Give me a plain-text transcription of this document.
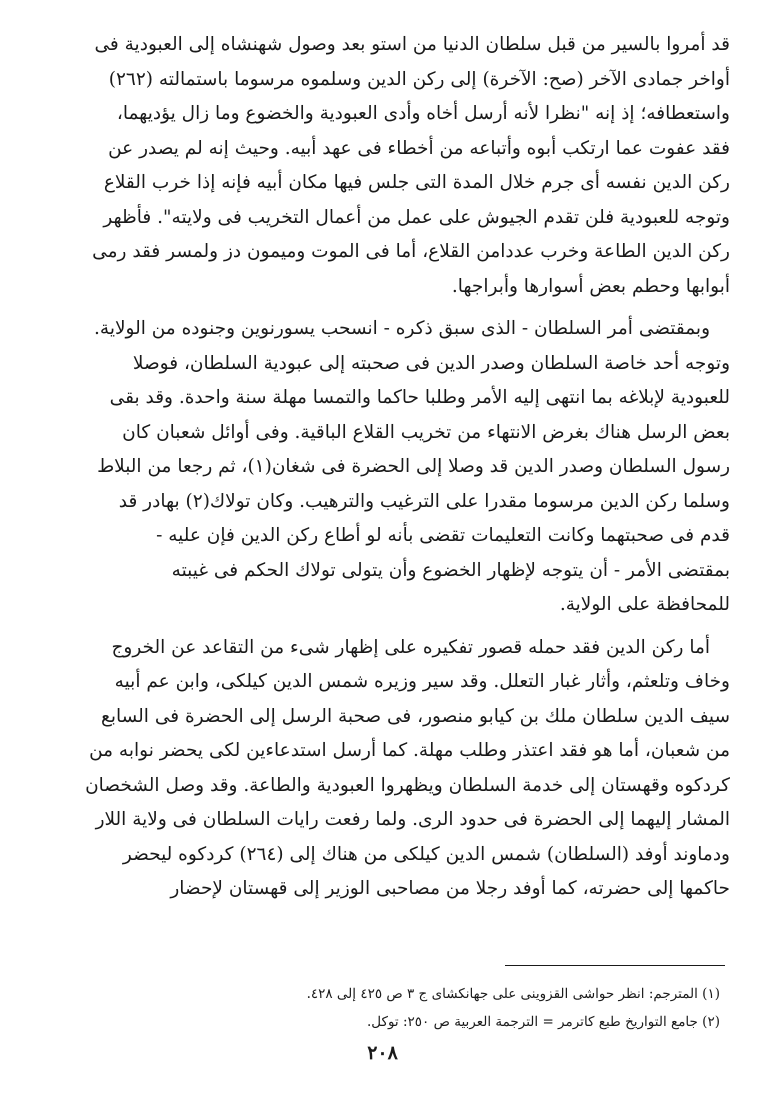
قد أمروا بالسير من قبل سلطان الدنيا من استو بعد وصول شهنشاه إلى العبودية فى
أواخر جمادى الآخر (صح: الآخرة) إلى ركن الدين وسلموه مرسوما باستمالته (٢٦٢)
واستعطافه؛ إذ إنه "نظرا لأنه أرسل أخاه وأدى العبودية والخضوع وما زال يؤديهما،
فقد عفوت عما ارتكب أبوه وأتباعه من أخطاء فى عهد أبيه. وحيث إنه لم يصدر عن
ركن الدين نفسه أى جرم خلال المدة التى جلس فيها مكان أبيه فإنه إذا خرب القلاع
وتوجه للعبودية فلن تقدم الجيوش على عمل من أعمال التخريب فى ولايته". فأظهر
ركن الدين الطاعة وخرب عددامن القلاع، أما فى الموت وميمون دز ولمسر فقد رمى
أبوابها وحطم بعض أسوارها وأبراجها.
وبمقتضى أمر السلطان - الذى سبق ذكره - انسحب يسورنوين وجنوده من الولاية.
وتوجه أحد خاصة السلطان وصدر الدين فى صحبته إلى عبودية السلطان، فوصلا
للعبودية لإبلاغه بما انتهى إليه الأمر وطلبا حاكما والتمسا مهلة سنة واحدة. وقد بقى
بعض الرسل هناك بغرض الانتهاء من تخريب القلاع الباقية. وفى أوائل شعبان كان
رسول السلطان وصدر الدين قد وصلا إلى الحضرة فى شغان(١)، ثم رجعا من البلاط
وسلما ركن الدين مرسوما مقدرا على الترغيب والترهيب. وكان تولاك(٢) بهادر قد
قدم فى صحبتهما وكانت التعليمات تقضى بأنه لو أطاع ركن الدين فإن عليه -
بمقتضى الأمر - أن يتوجه لإظهار الخضوع وأن يتولى تولاك الحكم فى غيبته
للمحافظة على الولاية.
أما ركن الدين فقد حمله قصور تفكيره على إظهار شىء من التقاعد عن الخروج
وخاف وتلعثم، وأثار غبار التعلل. وقد سير وزيره شمس الدين كيلكى، وابن عم أبيه
سيف الدين سلطان ملك بن كيابو منصور، فى صحبة الرسل إلى الحضرة فى السابع
من شعبان، أما هو فقد اعتذر وطلب مهلة. كما أرسل استدعاءين لكى يحضر نوابه من
كردكوه وقهستان إلى خدمة السلطان ويظهروا العبودية والطاعة. وقد وصل الشخصان
المشار إليهما إلى الحضرة فى حدود الرى. ولما رفعت رايات السلطان فى ولاية اللار
ودماوند أوفد (السلطان) شمس الدين كيلكى من هناك إلى (٢٦٤) كردكوه ليحضر
حاكمها إلى حضرته، كما أوفد رجلا من مصاحبى الوزير إلى قهستان لإحضار
(١) المترجم: انظر حواشى القزوينى على جهانكشاى ج ٣ ص ٤٢٥ إلى ٤٢٨.
(٢) جامع التواريخ طبع كاترمر = الترجمة العربية ص ٢٥٠: توكل.
٢٠٨
